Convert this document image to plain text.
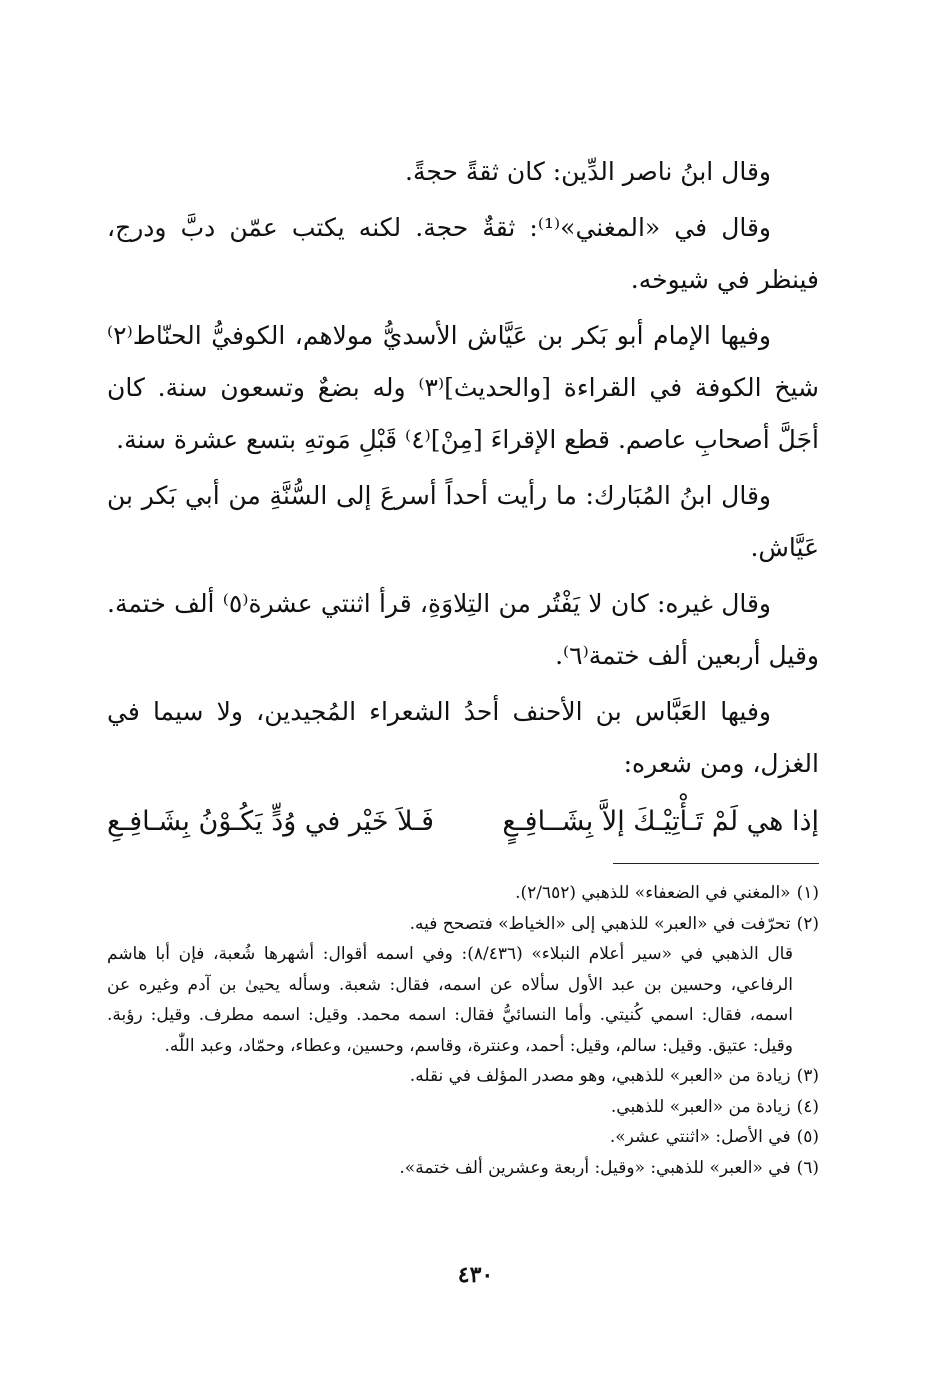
وقال ابنُ ناصر الدِّين: كان ثقةً حجةً.

وقال في «المغني»⁽¹⁾: ثقةٌ حجة. لكنه يكتب عمّن دبَّ ودرج، فينظر في شيوخه.

وفيها الإمام أبو بَكر بن عَيَّاش الأسديُّ مولاهم، الكوفيُّ الحنّاط⁽٢⁾ شيخ الكوفة في القراءة [والحديث]⁽٣⁾ وله بضعٌ وتسعون سنة. كان أجَلَّ أصحابِ عاصم. قطع الإقراءَ [مِنْ]⁽٤⁾ قَبْلِ مَوتهِ بتسع عشرة سنة.

وقال ابنُ المُبَارك: ما رأيت أحداً أسرعَ إلى السُّنَّةِ من أبي بَكر بن عَيَّاش.

وقال غيره: كان لا يَفْتُر من التِلاوَةِ، قرأ اثنتي عشرة⁽٥⁾ ألف ختمة. وقيل أربعين ألف ختمة⁽٦⁾.

وفيها العَبَّاس بن الأحنف أحدُ الشعراء المُجيدين، ولا سيما في الغزل، ومن شعره:

إذا هي لَمْ تَـأْتِيْـكَ إلاَّ بِشَــافِـعٍ
فَـلاَ خَيْر في وُدٍّ يَكُـوْنُ بِشَـافِـعِ

(١)«المغني في الضعفاء» للذهبي (٢/٦٥٢).

(٢)تحرّفت في «العبر» للذهبي إلى «الخياط» فتصحح فيه.

قال الذهبي في «سير أعلام النبلاء» (٨/٤٣٦): وفي اسمه أقوال: أشهرها شُعبة، فإن أبا هاشم الرفاعي، وحسين بن عبد الأول سألاه عن اسمه، فقال: شعبة. وسأله يحيىٰ بن آدم وغيره عن اسمه، فقال: اسمي كُنيتي. وأما النسائيُّ فقال: اسمه محمد. وقيل: اسمه مطرف. وقيل: رؤبة. وقيل: عتيق. وقيل: سالم، وقيل: أحمد، وعنترة، وقاسم، وحسين، وعطاء، وحمّاد، وعبد اللّٰه.

(٣)زيادة من «العبر» للذهبي، وهو مصدر المؤلف في نقله.

(٤)زيادة من «العبر» للذهبي.

(٥)في الأصل: «اثنتي عشر».

(٦)في «العبر» للذهبي: «وقيل: أربعة وعشرين ألف ختمة».

٤٣٠
